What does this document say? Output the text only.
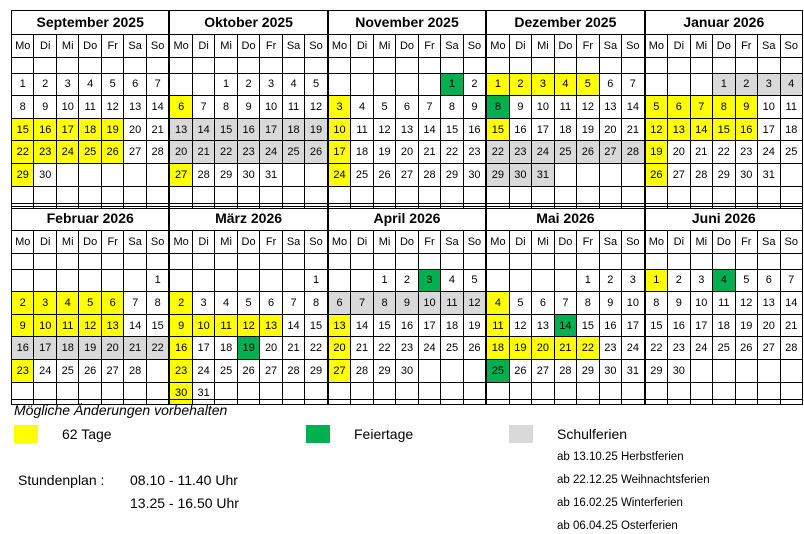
September 2025
Mo	Di	Mi	Do	Fr	Sa	So

1	2	3	4	5	6	7
8	9	10	11	12	13	14
15	16	17	18	19	20	21
22	23	24	25	26	27	28
29	30					

Oktober 2025
Mo	Di	Mi	Do	Fr	Sa	So

		1	2	3	4	5
6	7	8	9	10	11	12
13	14	15	16	17	18	19
20	21	22	23	24	25	26
27	28	29	30	31		

November 2025
Mo	Di	Mi	Do	Fr	Sa	So

					1	2
3	4	5	6	7	8	9
10	11	12	13	14	15	16
17	18	19	20	21	22	23
24	25	26	27	28	29	30

Dezember 2025
Mo	Di	Mi	Do	Fr	Sa	So

1	2	3	4	5	6	7
8	9	10	11	12	13	14
15	16	17	18	19	20	21
22	23	24	25	26	27	28
29	30	31				

Januar 2026
Mo	Di	Mi	Do	Fr	Sa	So

			1	2	3	4
5	6	7	8	9	10	11
12	13	14	15	16	17	18
19	20	21	22	23	24	25
26	27	28	29	30	31	

Februar 2026
Mo	Di	Mi	Do	Fr	Sa	So

						1
2	3	4	5	6	7	8
9	10	11	12	13	14	15
16	17	18	19	20	21	22
23	24	25	26	27	28	

März 2026
Mo	Di	Mi	Do	Fr	Sa	So

						1
2	3	4	5	6	7	8
9	10	11	12	13	14	15
16	17	18	19	20	21	22
23	24	25	26	27	28	29
30	31					
April 2026
Mo	Di	Mi	Do	Fr	Sa	So

		1	2	3	4	5
6	7	8	9	10	11	12
13	14	15	16	17	18	19
20	21	22	23	24	25	26
27	28	29	30			

Mai 2026
Mo	Di	Mi	Do	Fr	Sa	So

				1	2	3
4	5	6	7	8	9	10
11	12	13	14	15	16	17
18	19	20	21	22	23	24
25	26	27	28	29	30	31

Juni 2026
Mo	Di	Mi	Do	Fr	Sa	So

1	2	3	4	5	6	7
8	9	10	11	12	13	14
15	16	17	18	19	20	21
22	23	24	25	26	27	28
29	30					

Mögliche Änderungen vorbehalten
62 Tage	Feiertage	Schulferien
Stundenplan : 08.10 - 11.40 Uhr
13.25 - 16.50 Uhr
ab 13.10.25 Herbstferien
ab 22.12.25 Weihnachtsferien
ab 16.02.25 Winterferien
ab 06.04.25 Osterferien
